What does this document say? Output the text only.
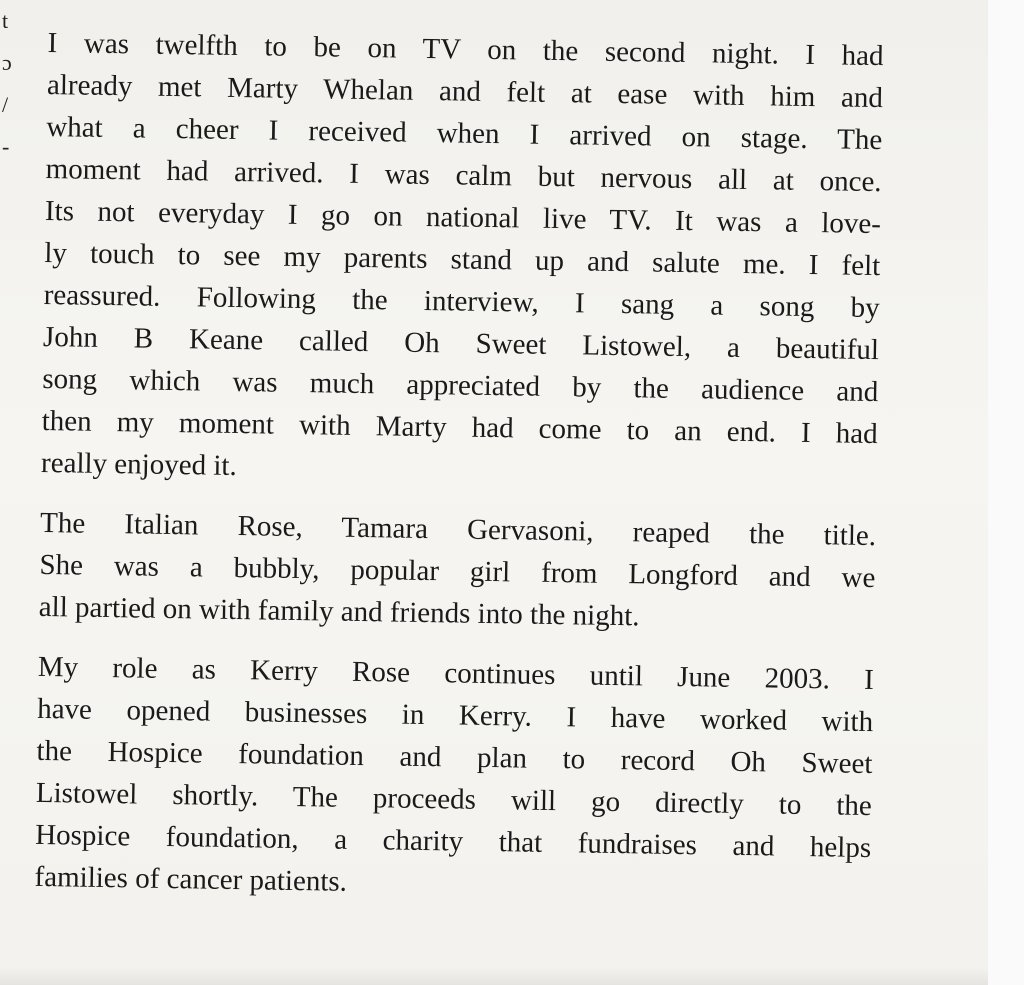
t
ɔ
/
-

I was twelfth to be on TV on the second night. I had
already met Marty Whelan and felt at ease with him and
what a cheer I received when I arrived on stage. The
moment had arrived. I was calm but nervous all at once.
Its not everyday I go on national live TV. It was a love-
ly touch to see my parents stand up and salute me. I felt
reassured. Following the interview, I sang a song by
John B Keane called Oh Sweet Listowel, a beautiful
song which was much appreciated by the audience and
then my moment with Marty had come to an end. I had
really enjoyed it.

The Italian Rose, Tamara Gervasoni, reaped the title.
She was a bubbly, popular girl from Longford and we
all partied on with family and friends into the night.

My role as Kerry Rose continues until June 2003. I
have opened businesses in Kerry. I have worked with
the Hospice foundation and plan to record Oh Sweet
Listowel shortly. The proceeds will go directly to the
Hospice foundation, a charity that fundraises and helps
families of cancer patients.
